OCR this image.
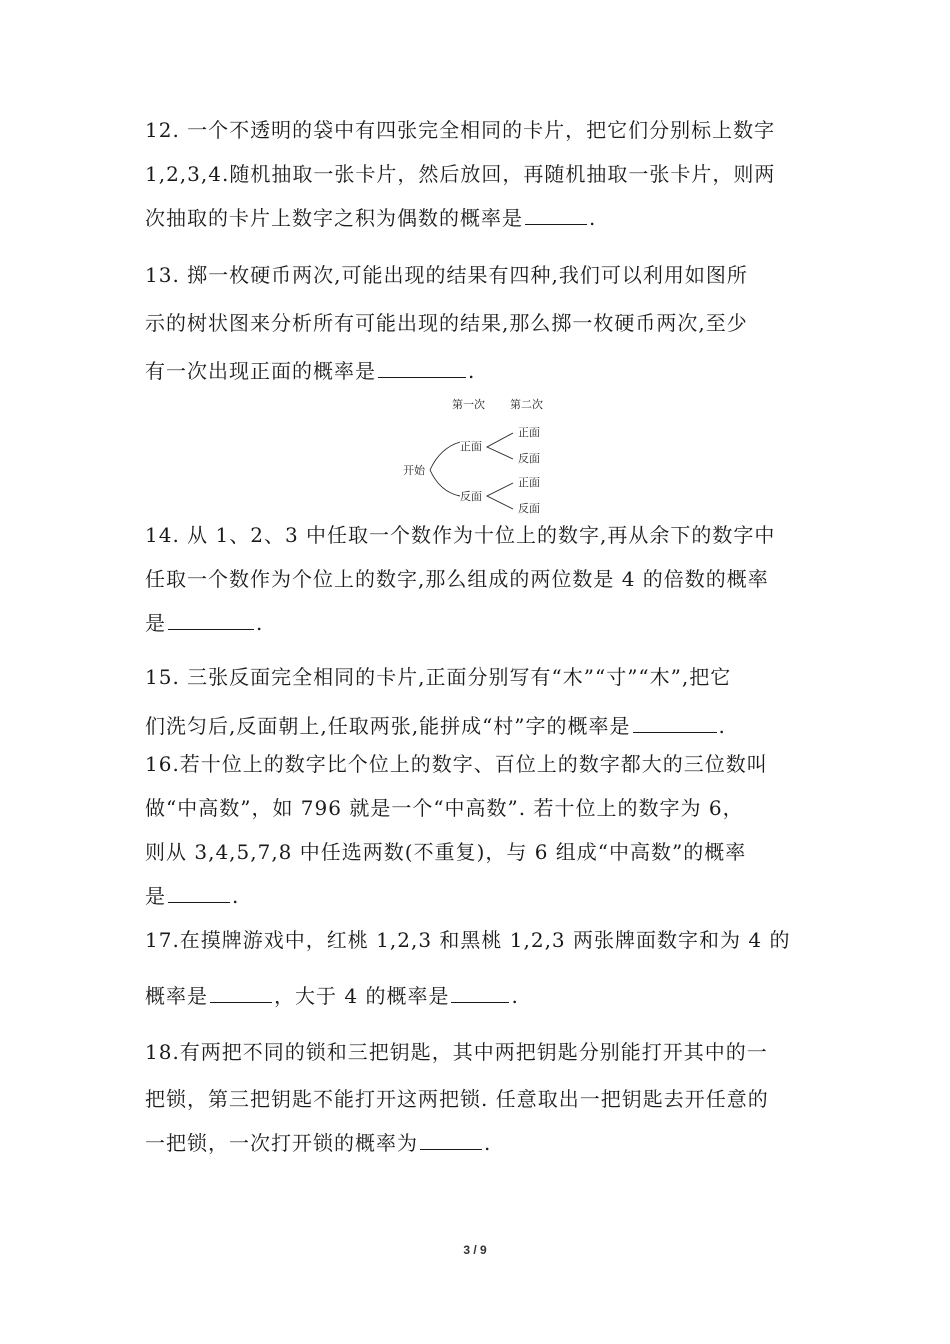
12. 一个不透明的袋中有四张完全相同的卡片，把它们分别标上数字
1,2,3,4.随机抽取一张卡片，然后放回，再随机抽取一张卡片，则两
次抽取的卡片上数字之积为偶数的概率是	.
13. 掷一枚硬币两次,可能出现的结果有四种,我们可以利用如图所
示的树状图来分析所有可能出现的结果,那么掷一枚硬币两次,至少
有一次出现正面的概率是	.
第一次 第二次
开始
正面
反面
正面
反面
正面
反面
14. 从 1、2、3 中任取一个数作为十位上的数字,再从余下的数字中
任取一个数作为个位上的数字,那么组成的两位数是 4 的倍数的概率
是	.
15. 三张反面完全相同的卡片,正面分别写有“木”“寸”“木”,把它
们洗匀后,反面朝上,任取两张,能拼成“村”字的概率是	.
16.若十位上的数字比个位上的数字、百位上的数字都大的三位数叫
做“中高数”，如 796 就是一个“中高数”. 若十位上的数字为 6，
则从 3,4,5,7,8 中任选两数(不重复)，与 6 组成“中高数”的概率
是	.
17.在摸牌游戏中，红桃 1,2,3 和黑桃 1,2,3 两张牌面数字和为 4 的
概率是	，大于 4 的概率是	.
18.有两把不同的锁和三把钥匙，其中两把钥匙分别能打开其中的一
把锁，第三把钥匙不能打开这两把锁. 任意取出一把钥匙去开任意的
一把锁，一次打开锁的概率为	.
3 / 9
